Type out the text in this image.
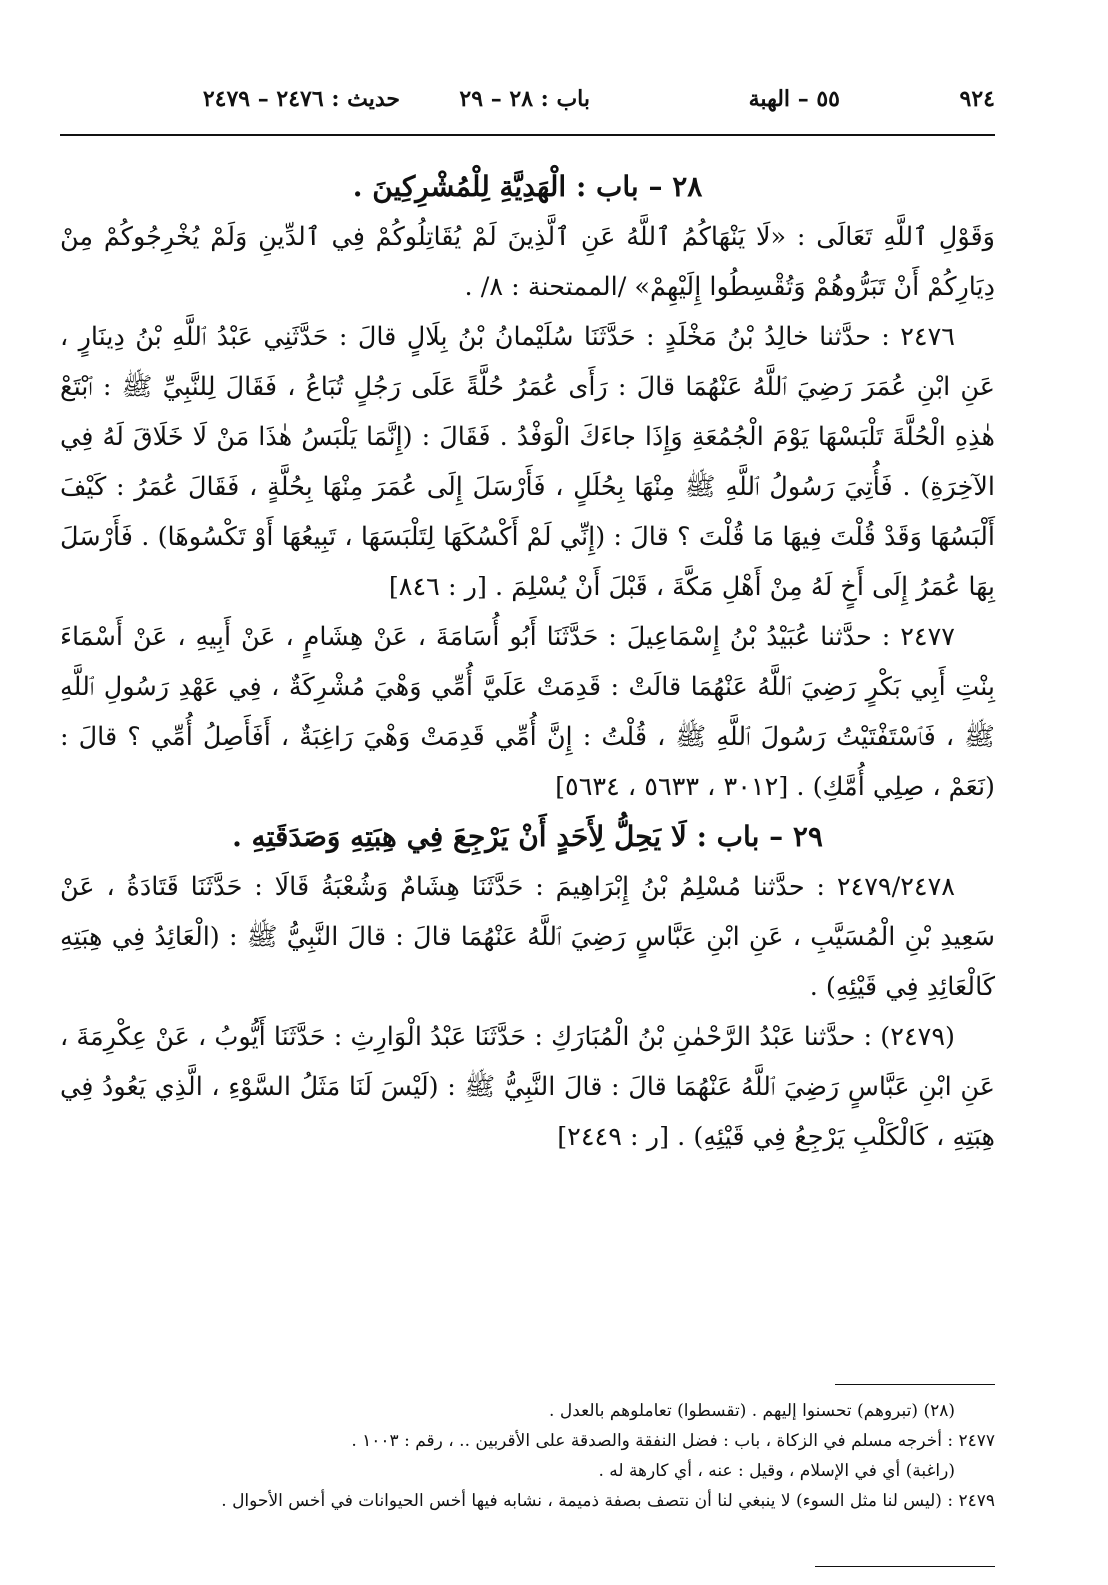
٩٢٤
٥٥ – الهبة
باب : ٢٨ – ٢٩
حديث : ٢٤٧٦ – ٢٤٧٩

٢٨ – باب : الْهَدِيَّةِ لِلْمُشْرِكِينَ .

وَقَوْلِ ٱللَّهِ تَعَالَى : «لَا يَنْهَاكُمُ ٱللَّهُ عَنِ ٱلَّذِينَ لَمْ يُقَاتِلُوكُمْ فِي ٱلدِّينِ وَلَمْ يُخْرِجُوكُمْ مِنْ دِيَارِكُمْ أَنْ تَبَرُّوهُمْ وَتُقْسِطُوا إِلَيْهِمْ» /الممتحنة : ٨/ .

٢٤٧٦ : حدَّثنا خالِدُ بْنُ مَخْلَدٍ : حَدَّثَنَا سُلَيْمانُ بْنُ بِلَالٍ قالَ : حَدَّثَنِي عَبْدُ ٱللَّهِ بْنُ دِينَارٍ ، عَنِ ابْنِ عُمَرَ رَضِيَ ٱللَّهُ عَنْهُمَا قالَ : رَأَى عُمَرُ حُلَّةً عَلَى رَجُلٍ تُبَاعُ ، فَقَالَ لِلنَّبِيِّ ﷺ : ٱبْتَعْ هٰذِهِ الْحُلَّةَ تَلْبَسْهَا يَوْمَ الْجُمُعَةِ وَإِذَا جاءَكَ الْوَفْدُ . فَقَالَ : (إِنَّمَا يَلْبَسُ هٰذَا مَنْ لَا خَلَاقَ لَهُ فِي الآخِرَةِ) . فَأُتِيَ رَسُولُ ٱللَّهِ ﷺ مِنْهَا بِحُلَلٍ ، فَأَرْسَلَ إِلَى عُمَرَ مِنْهَا بِحُلَّةٍ ، فَقَالَ عُمَرُ : كَيْفَ أَلْبَسُهَا وَقَدْ قُلْتَ فِيهَا مَا قُلْتَ ؟ قالَ : (إِنِّي لَمْ أَكْسُكَهَا لِتَلْبَسَهَا ، تَبِيعُهَا أَوْ تَكْسُوهَا) . فَأَرْسَلَ بِهَا عُمَرُ إِلَى أَخٍ لَهُ مِنْ أَهْلِ مَكَّةَ ، قَبْلَ أَنْ يُسْلِمَ . [ر : ٨٤٦]

٢٤٧٧ : حدَّثنا عُبَيْدُ بْنُ إِسْمَاعِيلَ : حَدَّثَنَا أَبُو أُسَامَةَ ، عَنْ هِشَامٍ ، عَنْ أَبِيهِ ، عَنْ أَسْمَاءَ بِنْتِ أَبِي بَكْرٍ رَضِيَ ٱللَّهُ عَنْهُمَا قالَتْ : قَدِمَتْ عَلَيَّ أُمِّي وَهْيَ مُشْرِكَةٌ ، فِي عَهْدِ رَسُولِ ٱللَّهِ ﷺ ، فَٱسْتَفْتَيْتُ رَسُولَ ٱللَّهِ ﷺ ، قُلْتُ : إِنَّ أُمِّي قَدِمَتْ وَهْيَ رَاغِبَةٌ ، أَفَأَصِلُ أُمِّي ؟ قالَ : (نَعَمْ ، صِلِي أُمَّكِ) . [٣٠١٢ ، ٥٦٣٣ ، ٥٦٣٤]

٢٩ – باب : لَا يَحِلُّ لِأَحَدٍ أَنْ يَرْجِعَ فِي هِبَتِهِ وَصَدَقَتِهِ .

٢٤٧٩/٢٤٧٨ : حدَّثنا مُسْلِمُ بْنُ إِبْرَاهِيمَ : حَدَّثَنَا هِشَامٌ وَشُعْبَةُ قَالَا : حَدَّثَنَا قَتَادَةُ ، عَنْ سَعِيدِ بْنِ الْمُسَيَّبِ ، عَنِ ابْنِ عَبَّاسٍ رَضِيَ ٱللَّهُ عَنْهُمَا قالَ : قالَ النَّبِيُّ ﷺ : (الْعَائِدُ فِي هِبَتِهِ كَالْعَائِدِ فِي قَيْئِهِ) .

(٢٤٧٩) : حدَّثنا عَبْدُ الرَّحْمٰنِ بْنُ الْمُبَارَكِ : حَدَّثَنَا عَبْدُ الْوَارِثِ : حَدَّثَنَا أَيُّوبُ ، عَنْ عِكْرِمَةَ ، عَنِ ابْنِ عَبَّاسٍ رَضِيَ ٱللَّهُ عَنْهُمَا قالَ : قالَ النَّبِيُّ ﷺ : (لَيْسَ لَنَا مَثَلُ السَّوْءِ ، الَّذِي يَعُودُ فِي هِبَتِهِ ، كَالْكَلْبِ يَرْجِعُ فِي قَيْئِهِ) . [ر : ٢٤٤٩]

(٢٨) (تبروهم) تحسنوا إليهم . (تقسطوا) تعاملوهم بالعدل .

٢٤٧٧ : أخرجه مسلم في الزكاة ، باب : فضل النفقة والصدقة على الأقربين .. ، رقم : ١٠٠٣ .

(راغبة) أي في الإسلام ، وقيل : عنه ، أي كارهة له .

٢٤٧٩ : (ليس لنا مثل السوء) لا ينبغي لنا أن نتصف بصفة ذميمة ، نشابه فيها أخس الحيوانات في أخس الأحوال .
